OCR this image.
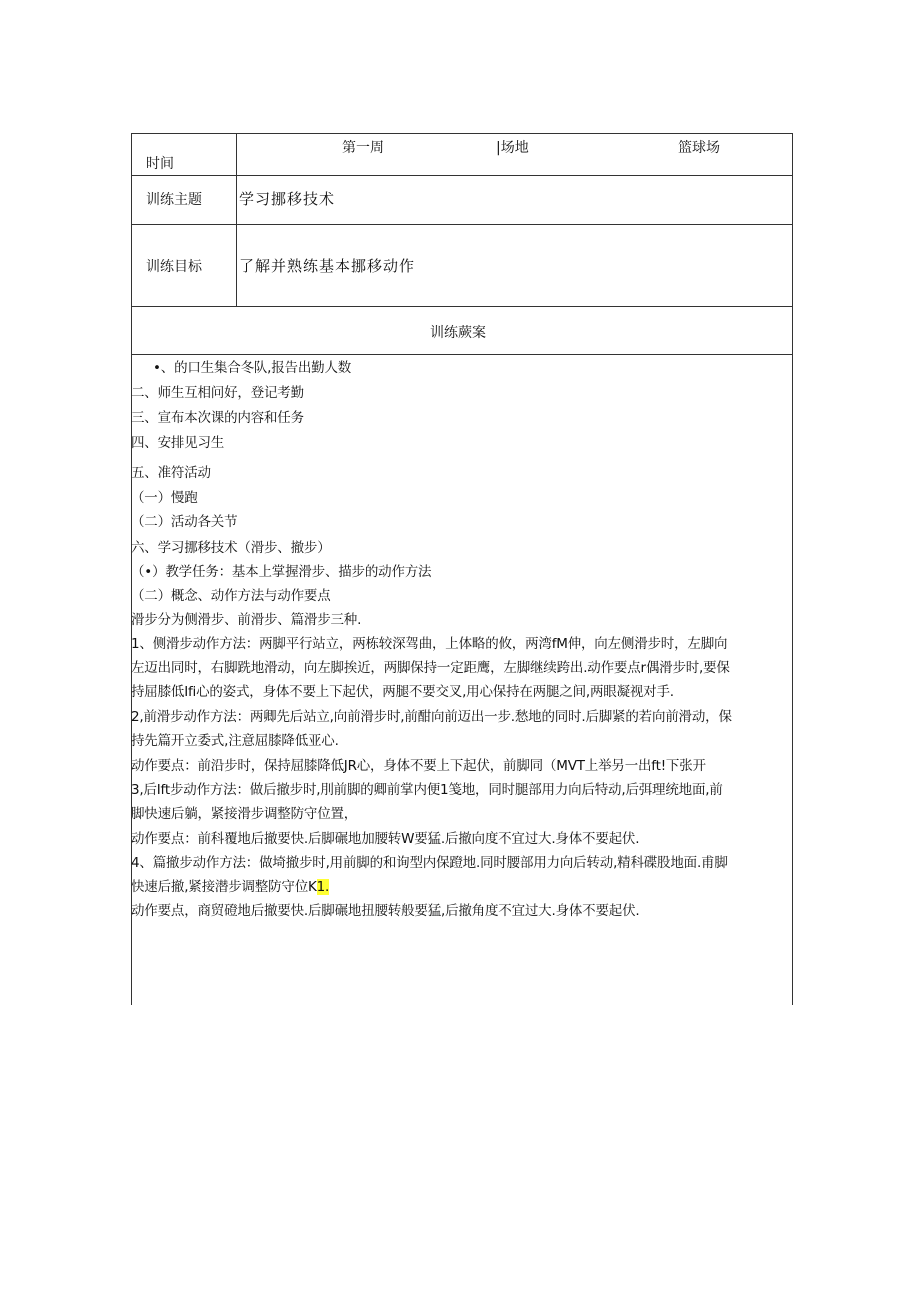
时间
第一周	|场地	篮球场
训练主题 学习挪移技术
训练目标 了解并熟练基本挪移动作
训练蕨案
•、的口生集合冬队,报告出勤人数
二、师生互相问好，登记考勤
三、宣布本次课的内容和任务
四、安排见习生
五、准符活动
（一）慢跑
（二）活动各关节
六、学习挪移技术（滑步、撤步）
（•）教学任务：基本上掌握滑步、描步的动作方法
（二）概念、动作方法与动作要点
滑步分为侧滑步、前滑步、篇滑步三种.
1、侧滑步动作方法：两脚平行站立，两栋较深驾曲，上体略的攸，两湾fM伸，向左侧滑步时，左脚向
左迈出同时，右脚跣地滑动，向左脚挨近，两脚保持一定距鹰，左脚继续跨出.动作要点r偶滑步时,要保
持屈膝低Ifi心的姿式，身体不要上下起伏，两腿不要交叉,用心保持在两腿之间,两眼凝视对手.
2,前滑步动作方法：两卿先后站立,向前滑步时,前酣向前迈出一步.愁地的同时.后脚紧的若向前滑动，保
持先篇开立委式,注意屈膝降低亚心.
动作要点：前沿步时，保持屈膝降低JR心，身体不要上下起伏，前脚同（MVT上举另一出ft!下张开
3,后Ift步动作方法：做后撤步时,刖前脚的卿前掌内便1笺地，同时腿部用力向后特动,后弭理统地面,前
脚快速后躺，紧接滑步调整防守位置，
动作要点：前科覆地后撤要快.后脚碾地加腰转W要猛.后撤向度不宜过大.身体不要起伏.
4、篇撤步动作方法：做埼撤步时,用前脚的和询型内保蹬地.同时腰部用力向后转动,精科碟股地面.甫脚
快速后撤,紧接潜步调整防守位K1.
动作要点，商贸磴地后撤要快.后脚碾地扭腰转般要猛,后撤角度不宜过大.身体不要起伏.
